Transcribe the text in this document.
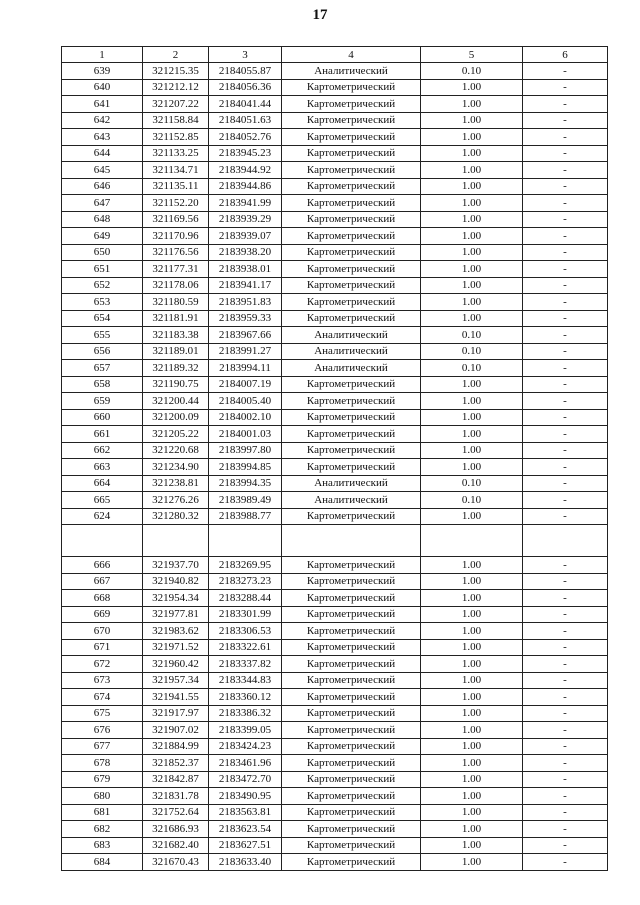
17
1	2	3	4	5	6
639	321215.35	2184055.87	Аналитический	0.10	-
640	321212.12	2184056.36	Картометрический	1.00	-
641	321207.22	2184041.44	Картометрический	1.00	-
642	321158.84	2184051.63	Картометрический	1.00	-
643	321152.85	2184052.76	Картометрический	1.00	-
644	321133.25	2183945.23	Картометрический	1.00	-
645	321134.71	2183944.92	Картометрический	1.00	-
646	321135.11	2183944.86	Картометрический	1.00	-
647	321152.20	2183941.99	Картометрический	1.00	-
648	321169.56	2183939.29	Картометрический	1.00	-
649	321170.96	2183939.07	Картометрический	1.00	-
650	321176.56	2183938.20	Картометрический	1.00	-
651	321177.31	2183938.01	Картометрический	1.00	-
652	321178.06	2183941.17	Картометрический	1.00	-
653	321180.59	2183951.83	Картометрический	1.00	-
654	321181.91	2183959.33	Картометрический	1.00	-
655	321183.38	2183967.66	Аналитический	0.10	-
656	321189.01	2183991.27	Аналитический	0.10	-
657	321189.32	2183994.11	Аналитический	0.10	-
658	321190.75	2184007.19	Картометрический	1.00	-
659	321200.44	2184005.40	Картометрический	1.00	-
660	321200.09	2184002.10	Картометрический	1.00	-
661	321205.22	2184001.03	Картометрический	1.00	-
662	321220.68	2183997.80	Картометрический	1.00	-
663	321234.90	2183994.85	Картометрический	1.00	-
664	321238.81	2183994.35	Аналитический	0.10	-
665	321276.26	2183989.49	Аналитический	0.10	-
624	321280.32	2183988.77	Картометрический	1.00	-

666	321937.70	2183269.95	Картометрический	1.00	-
667	321940.82	2183273.23	Картометрический	1.00	-
668	321954.34	2183288.44	Картометрический	1.00	-
669	321977.81	2183301.99	Картометрический	1.00	-
670	321983.62	2183306.53	Картометрический	1.00	-
671	321971.52	2183322.61	Картометрический	1.00	-
672	321960.42	2183337.82	Картометрический	1.00	-
673	321957.34	2183344.83	Картометрический	1.00	-
674	321941.55	2183360.12	Картометрический	1.00	-
675	321917.97	2183386.32	Картометрический	1.00	-
676	321907.02	2183399.05	Картометрический	1.00	-
677	321884.99	2183424.23	Картометрический	1.00	-
678	321852.37	2183461.96	Картометрический	1.00	-
679	321842.87	2183472.70	Картометрический	1.00	-
680	321831.78	2183490.95	Картометрический	1.00	-
681	321752.64	2183563.81	Картометрический	1.00	-
682	321686.93	2183623.54	Картометрический	1.00	-
683	321682.40	2183627.51	Картометрический	1.00	-
684	321670.43	2183633.40	Картометрический	1.00	-
